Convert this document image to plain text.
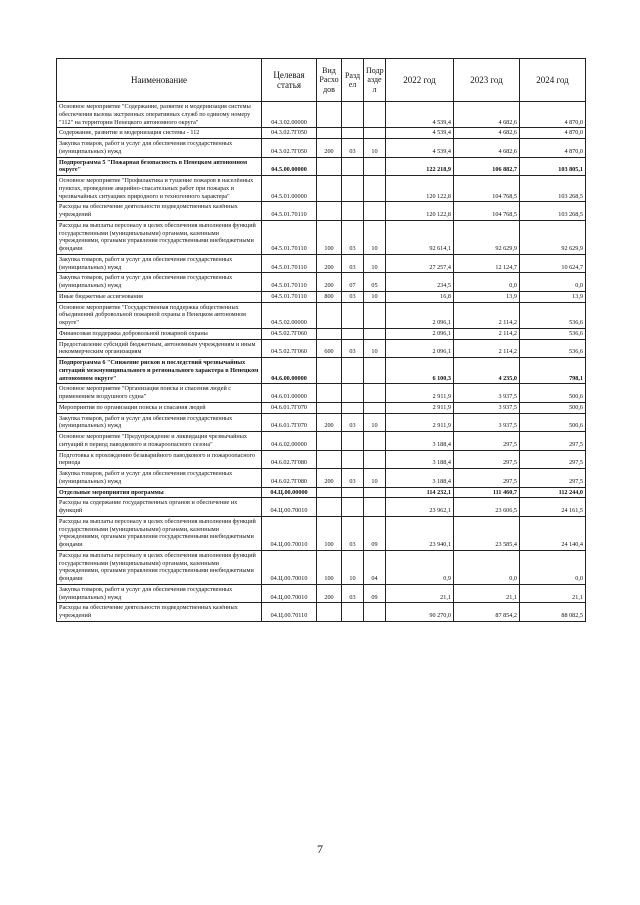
Наименование	Целевая статья	Вид Расхо дов	Разд ел	Подр азде л	2022 год	2023 год	2024 год
Основное мероприятие "Содержание, развитие и модернизация системы обеспечения вызова экстренных оперативных служб по единому номеру "112" на территории Ненецкого автономного округа"	04.3.02.00000				4 539,4	4 682,6	4 870,0
Содержание, развитие и модернизация системы - 112	04.3.02.7Г050				4 539,4	4 682,6	4 870,0
Закупка товаров, работ и услуг для обеспечения государственных (муниципальных) нужд	04.3.02.7Г050	200	03	10	4 539,4	4 682,6	4 870,0
Подпрограмма 5 "Пожарная безопасность в Ненецком автономном округе"	04.5.00.00000				122 218,9	106 882,7	103 805,1
Основное мероприятие "Профилактика и тушение пожаров в населённых пунктах, проведение аварийно-спасательных работ при пожарах и чрезвычайных ситуациях природного и техногенного характера"	04.5.01.00000				120 122,8	104 768,5	103 268,5
Расходы на обеспечение деятельности подведомственных казённых учреждений	04.5.01.70110				120 122,8	104 768,5	103 268,5
Расходы на выплаты персоналу в целях обеспечения выполнения функций государственными (муниципальными) органами, казенными учреждениями, органами управления государственными внебюджетными фондами	04.5.01.70110	100	03	10	92 614,1	92 629,9	92 629,9
Закупка товаров, работ и услуг для обеспечения государственных (муниципальных) нужд	04.5.01.70110	200	03	10	27 257,4	12 124,7	10 624,7
Закупка товаров, работ и услуг для обеспечения государственных (муниципальных) нужд	04.5.01.70110	200	07	05	234,5	0,0	0,0
Иные бюджетные ассигнования	04.5.01.70110	800	03	10	16,8	13,9	13,9
Основное мероприятие "Государственная поддержка общественных объединений добровольной пожарной охраны в Ненецком автономном округе"	04.5.02.00000				2 096,1	2 114,2	536,6
Финансовая поддержка добровольной пожарной охраны	04.5.02.7Г060				2 096,1	2 114,2	536,6
Предоставление субсидий бюджетным, автономным учреждениям и иным некоммерческим организациям	04.5.02.7Г060	600	03	10	2 096,1	2 114,2	536,6
Подпрограмма 6 "Снижение рисков и последствий чрезвычайных ситуаций межмуниципального и регионального характера в Ненецком автономном округе"	04.6.00.00000				6 100,3	4 235,0	798,1
Основное мероприятие "Организация поиска и спасения людей с применением воздушного судна"	04.6.01.00000				2 911,9	3 937,5	500,6
Мероприятия по организации поиска и спасания людей	04.6.01.7Г070				2 911,9	3 937,5	500,6
Закупка товаров, работ и услуг для обеспечения государственных (муниципальных) нужд	04.6.01.7Г070	200	03	10	2 911,9	3 937,5	500,6
Основное мероприятие "Предупреждение и ликвидация чрезвычайных ситуаций в период паводкового и пожароопасного сезона"	04.6.02.00000				3 188,4	297,5	297,5
Подготовка к прохождению безаварийного паводкового и пожароопасного периода	04.6.02.7Г080				3 188,4	297,5	297,5
Закупка товаров, работ и услуг для обеспечения государственных (муниципальных) нужд	04.6.02.7Г080	200	03	10	3 188,4	297,5	297,5
Отдельные мероприятия программы	04.Ц.00.00000				114 232,1	111 460,7	112 244,0
Расходы на содержание государственных органов и обеспечение их функций	04.Ц.00.70010				23 962,1	23 606,5	24 161,5
Расходы на выплаты персоналу в целях обеспечения выполнения функций государственными (муниципальными) органами, казенными учреждениями, органами управления государственными внебюджетными фондами	04.Ц.00.70010	100	03	09	23 940,1	23 585,4	24 140,4
Расходы на выплаты персоналу в целях обеспечения выполнения функций государственными (муниципальными) органами, казенными учреждениями, органами управления государственными внебюджетными фондами	04.Ц.00.70010	100	10	04	0,9	0,0	0,0
Закупка товаров, работ и услуг для обеспечения государственных (муниципальных) нужд	04.Ц.00.70010	200	03	09	21,1	21,1	21,1
Расходы на обеспечение деятельности подведомственных казённых учреждений	04.Ц.00.70110				90 270,0	87 854,2	88 082,5
7
